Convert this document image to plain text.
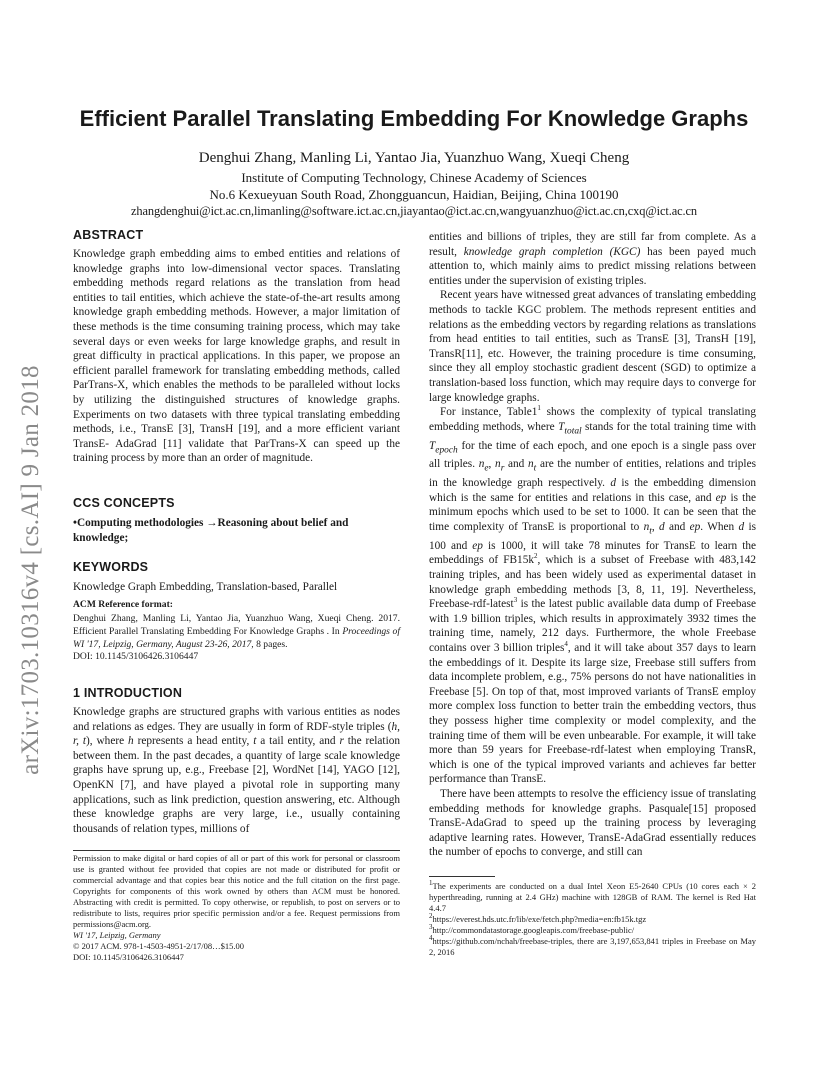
arXiv:1703.10316v4 [cs.AI] 9 Jan 2018
Efficient Parallel Translating Embedding For Knowledge Graphs
Denghui Zhang, Manling Li, Yantao Jia, Yuanzhuo Wang, Xueqi Cheng
Institute of Computing Technology, Chinese Academy of Sciences
No.6 Kexueyuan South Road, Zhongguancun, Haidian, Beijing, China 100190
zhangdenghui@ict.ac.cn,limanling@software.ict.ac.cn,jiayantao@ict.ac.cn,wangyuanzhuo@ict.ac.cn,cxq@ict.ac.cn
ABSTRACT

Knowledge graph embedding aims to embed entities and relations of knowledge graphs into low-dimensional vector spaces. Translating embedding methods regard relations as the translation from head entities to tail entities, which achieve the state-of-the-art results among knowledge graph embedding methods. However, a major limitation of these methods is the time consuming training process, which may take several days or even weeks for large knowledge graphs, and result in great difficulty in practical applications. In this paper, we propose an efficient parallel framework for translating embedding methods, called ParTrans-X, which enables the methods to be paralleled without locks by utilizing the distinguished structures of knowledge graphs. Experiments on two datasets with three typical translating embedding methods, i.e., TransE [3], TransH [19], and a more efficient variant TransE- AdaGrad [11] validate that ParTrans-X can speed up the training process by more than an order of magnitude.

CCS CONCEPTS
•Computing methodologies →Reasoning about belief and knowledge;
KEYWORDS
Knowledge Graph Embedding, Translation-based, Parallel
ACM Reference format:
Denghui Zhang, Manling Li, Yantao Jia, Yuanzhuo Wang, Xueqi Cheng. 2017. Efficient Parallel Translating Embedding For Knowledge Graphs . In Proceedings of WI '17, Leipzig, Germany, August 23-26, 2017, 8 pages.
DOI: 10.1145/3106426.3106447
1 INTRODUCTION

Knowledge graphs are structured graphs with various entities as nodes and relations as edges. They are usually in form of RDF-style triples (h, r, t), where h represents a head entity, t a tail entity, and r the relation between them. In the past decades, a quantity of large scale knowledge graphs have sprung up, e.g., Freebase [2], WordNet [14], YAGO [12], OpenKN [7], and have played a pivotal role in supporting many applications, such as link prediction, question answering, etc. Although these knowledge graphs are very large, i.e., usually containing thousands of relation types, millions of

Permission to make digital or hard copies of all or part of this work for personal or classroom use is granted without fee provided that copies are not made or distributed for profit or commercial advantage and that copies bear this notice and the full citation on the first page. Copyrights for components of this work owned by others than ACM must be honored. Abstracting with credit is permitted. To copy otherwise, or republish, to post on servers or to redistribute to lists, requires prior specific permission and/or a fee. Request permissions from permissions@acm.org.
WI '17, Leipzig, Germany
© 2017 ACM. 978-1-4503-4951-2/17/08…$15.00
DOI: 10.1145/3106426.3106447

entities and billions of triples, they are still far from complete. As a result, knowledge graph completion (KGC) has been payed much attention to, which mainly aims to predict missing relations between entities under the supervision of existing triples.

Recent years have witnessed great advances of translating embedding methods to tackle KGC problem. The methods represent entities and relations as the embedding vectors by regarding relations as translations from head entities to tail entities, such as TransE [3], TransH [19], TransR[11], etc. However, the training procedure is time consuming, since they all employ stochastic gradient descent (SGD) to optimize a translation-based loss function, which may require days to converge for large knowledge graphs.

For instance, $Table1^1$ shows the complexity of typical translating embedding methods, where $T_{total}$ stands for the total training time with $T_{epoch}$ for the time of each epoch, and one epoch is a single pass over all triples. $n_e$, $n_r$ and $n_t$ are the number of entities, relations and triples in the knowledge graph respectively. d is the embedding dimension which is the same for entities and relations in this case, and ep is the minimum epochs which used to be set to 1000. It can be seen that the time complexity of TransE is proportional to $n_t$, d and ep. When d is 100 and ep is 1000, it will take 78 minutes for TransE to learn the embeddings of $FB15k^2$, which is a subset of Freebase with 483,142 training triples, and has been widely used as experimental dataset in knowledge graph embedding methods [3, 8, 11, 19]. Nevertheless, Freebase-rdf-latest$^3$ is the latest public available data dump of Freebase with 1.9 billion triples, which results in approximately 3932 times the training time, namely, 212 days. Furthermore, the whole Freebase contains over 3 billion triples$^4$, and it will take about 357 days to learn the embeddings of it. Despite its large size, Freebase still suffers from data incomplete problem, e.g., 75% persons do not have nationalities in Freebase [5]. On top of that, most improved variants of TransE employ more complex loss function to better train the embedding vectors, thus they possess higher time complexity or model complexity, and the training time of them will be even unbearable. For example, it will take more than 59 years for Freebase-rdf-latest when employing TransR, which is one of the typical improved variants and achieves far better performance than TransE.

There have been attempts to resolve the efficiency issue of translating embedding methods for knowledge graphs. Pasquale[15] proposed TransE-AdaGrad to speed up the training process by leveraging adaptive learning rates. However, TransE-AdaGrad essentially reduces the number of epochs to converge, and still can

$^1$The experiments are conducted on a dual Intel Xeon E5-2640 CPUs (10 cores each × 2 hyperthreading, running at 2.4 GHz) machine with 128GB of RAM. The kernel is Red Hat 4.4.7
$^2$https://everest.hds.utc.fr/lib/exe/fetch.php?media=en:fb15k.tgz
$^3$http://commondatastorage.googleapis.com/freebase-public/
$^4$https://github.com/nchah/freebase-triples, there are 3,197,653,841 triples in Freebase on May 2, 2016
